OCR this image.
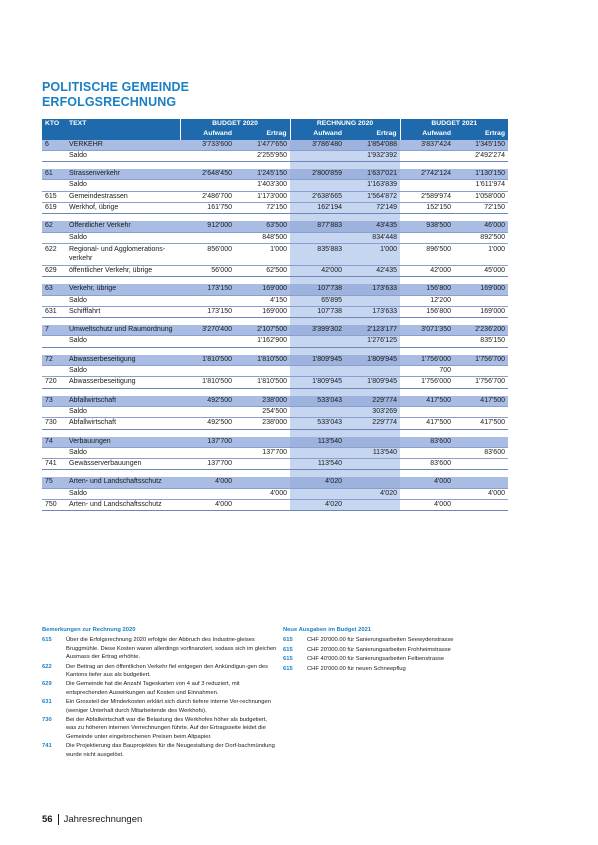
POLITISCHE GEMEINDE
ERFOLGSRECHNUNG
KTO	TEXT	BUDGET 2020		RECHNUNG 2020		BUDGET 2021	
		Aufwand	Ertrag	Aufwand	Ertrag	Aufwand	Ertrag
6	VERKEHR	3'733'600	1'477'650	3'786'480	1'854'088	3'837'424	1'345'150
	Saldo		2'255'950		1'932'392		2'492'274

61	Strassenverkehr	2'648'450	1'245'150	2'800'859	1'637'021	2'742'124	1'130'150
	Saldo		1'403'300		1'163'839		1'611'974
615	Gemeindestrassen	2'486'700	1'173'000	2'638'665	1'564'872	2'589'974	1'058'000
619	Werkhof, übrige	161'750	72'150	162'194	72'149	152'150	72'150

62	Öffentlicher Verkehr	912'000	63'500	877'883	43'435	938'500	46'000
	Saldo		848'500		834'448		892'500
622	Regional- und Agglomerations-verkehr	856'000	1'000	835'883	1'000	896'500	1'000
629	öffentlicher Verkehr, übrige	56'000	62'500	42'000	42'435	42'000	45'000

63	Verkehr, übrige	173'150	169'000	107'738	173'633	156'800	169'000
	Saldo		4'150	65'895		12'200	
631	Schifffahrt	173'150	169'000	107'738	173'633	156'800	169'000

7	Umweltschutz und Raumordnung	3'270'400	2'107'500	3'399'302	2'123'177	3'071'350	2'236'200
	Saldo		1'162'900		1'276'125		835'150

72	Abwasserbeseitigung	1'810'500	1'810'500	1'809'945	1'809'945	1'756'000	1'756'700
	Saldo					700	
720	Abwasserbeseitigung	1'810'500	1'810'500	1'809'945	1'809'945	1'756'000	1'756'700

73	Abfallwirtschaft	492'500	238'000	533'043	229'774	417'500	417'500
	Saldo		254'500		303'269		
730	Abfallwirtschaft	492'500	238'000	533'043	229'774	417'500	417'500

74	Verbauungen	137'700		113'540		83'600	
	Saldo		137'700		113'540		83'600
741	Gewässerverbauungen	137'700		113'540		83'600	

75	Arten- und Landschaftsschutz	4'000		4'020		4'000	
	Saldo		4'000		4'020		4'000
750	Arten- und Landschaftsschutz	4'000		4'020		4'000	
Bemerkungen zur Rechnung 2020
615	Über die Erfolgsrechnung 2020 erfolgte der Abbruch des Industrie-gleises Bruggmühle. Diese Kosten waren allerdings vorfinanziert, sodass sich im gleichen Ausmass der Ertrag erhöhte.
622	Der Beitrag an den öffentlichen Verkehr fiel entgegen den Ankündigun-gen des Kantons tiefer aus als budgetiert.
629	Die Gemeinde hat die Anzahl Tageskarten von 4 auf 3 reduziert, mit entsprechenden Auswirkungen auf Kosten und Einnahmen.
631	Ein Grossteil der Minderkosten erklärt sich durch tiefere interne Ver-rechnungen (weniger Unterhalt durch Mitarbeitende des Werkhofs).
730	Bei der Abfallwirtschaft war die Belastung des Werkhofes höher als budgetiert, was zu höheren internen Verrechnungen führte. Auf der Ertragsseite leidet die Gemeinde unter eingebrochenen Preisen beim Altpapier.
741	Die Projektierung das Bauprojektes für die Neugestaltung der Dorf-bachmündung wurde nicht ausgelöst.
Neue Ausgaben im Budget 2021
615	CHF 20'000.00 für Sanierungsarbeiten Seewydenstrasse
615	CHF 20'000.00 für Sanierungsarbeiten Frohheimstrasse
615	CHF 40'000.00 für Sanierungsarbeiten Felbenstrasse
615	CHF 20'000.00 für neuen Schneepflug
56	Jahresrechnungen
